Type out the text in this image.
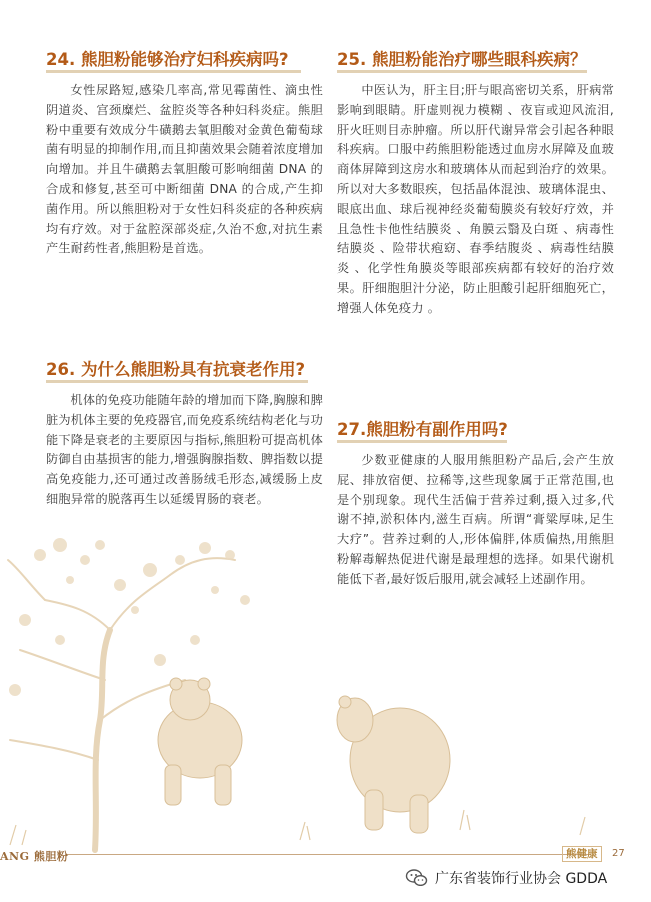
24. 熊胆粉能够治疗妇科疾病吗?

女性尿路短,感染几率高,常见霉菌性、滴虫性阴道炎、宫颈糜烂、盆腔炎等各种妇科炎症。熊胆粉中重要有效成分牛磺鹅去氧胆酸对金黄色葡萄球菌有明显的抑制作用,而且抑菌效果会随着浓度增加向增加。并且牛磺鹅去氧胆酸可影响细菌 DNA 的合成和修复,甚至可中断细菌 DNA 的合成,产生抑菌作用。所以熊胆粉对于女性妇科炎症的各种疾病均有疗效。对于盆腔深部炎症,久治不愈,对抗生素产生耐药性者,熊胆粉是首选。

25. 熊胆粉能治疗哪些眼科疾病？

中医认为，肝主目;肝与眼高密切关系，肝病常影响到眼睛。肝虚则视力模糊 、夜盲或迎风流泪,肝火旺则目赤肿瘤。所以肝代谢异常会引起各种眼科疾病。口服中药熊胆粉能透过血房水屏障及血玻商体屏障到这房水和玻璃体从而起到治疗的效果。所以对大多数眼疾，包括晶体混浊、玻璃体混虫、眼底出血、球后视神经炎葡萄膜炎有较好疗效，并且急性卡他性结膜炎 、角膜云翳及白斑 、病毒性结膜炎 、险带状疱窈、春季结腹炎 、病毒性结膜炎 、化学性角膜炎等眼部疾病都有较好的治疗效果。肝细胞胆汁分泌，防止胆酸引起肝细胞死亡，增强人体免疫力 。

26. 为什么熊胆粉具有抗衰老作用?

机体的免疫功能随年龄的增加而下降,胸腺和脾脏为机体主要的免疫器官,而免疫系统结构老化与功能下降是衰老的主要原因与指标,熊胆粉可提高机体防御自由基损害的能力,增强胸腺指数、脾指数以提高免疫能力,还可通过改善肠绒毛形态,减缓肠上皮细胞异常的脱落再生以延缓胃肠的衰老。

27.熊胆粉有副作用吗?

少数亚健康的人服用熊胆粉产品后,会产生放屁、排放宿便、拉稀等,这些现象属于正常范围,也是个别现象。现代生活偏于营养过剩,摄入过多,代谢不掉,淤积体内,滋生百病。所谓“膏粱厚味,足生大疗”。营养过剩的人,形体偏胖,体质偏热,用熊胆粉解毒解热促进代谢是最理想的选择。如果代谢机能低下者,最好饭后服用,就会减轻上述副作用。

ANG 熊胆粉	熊健康	27
广东省装饰行业协会 GDDA
